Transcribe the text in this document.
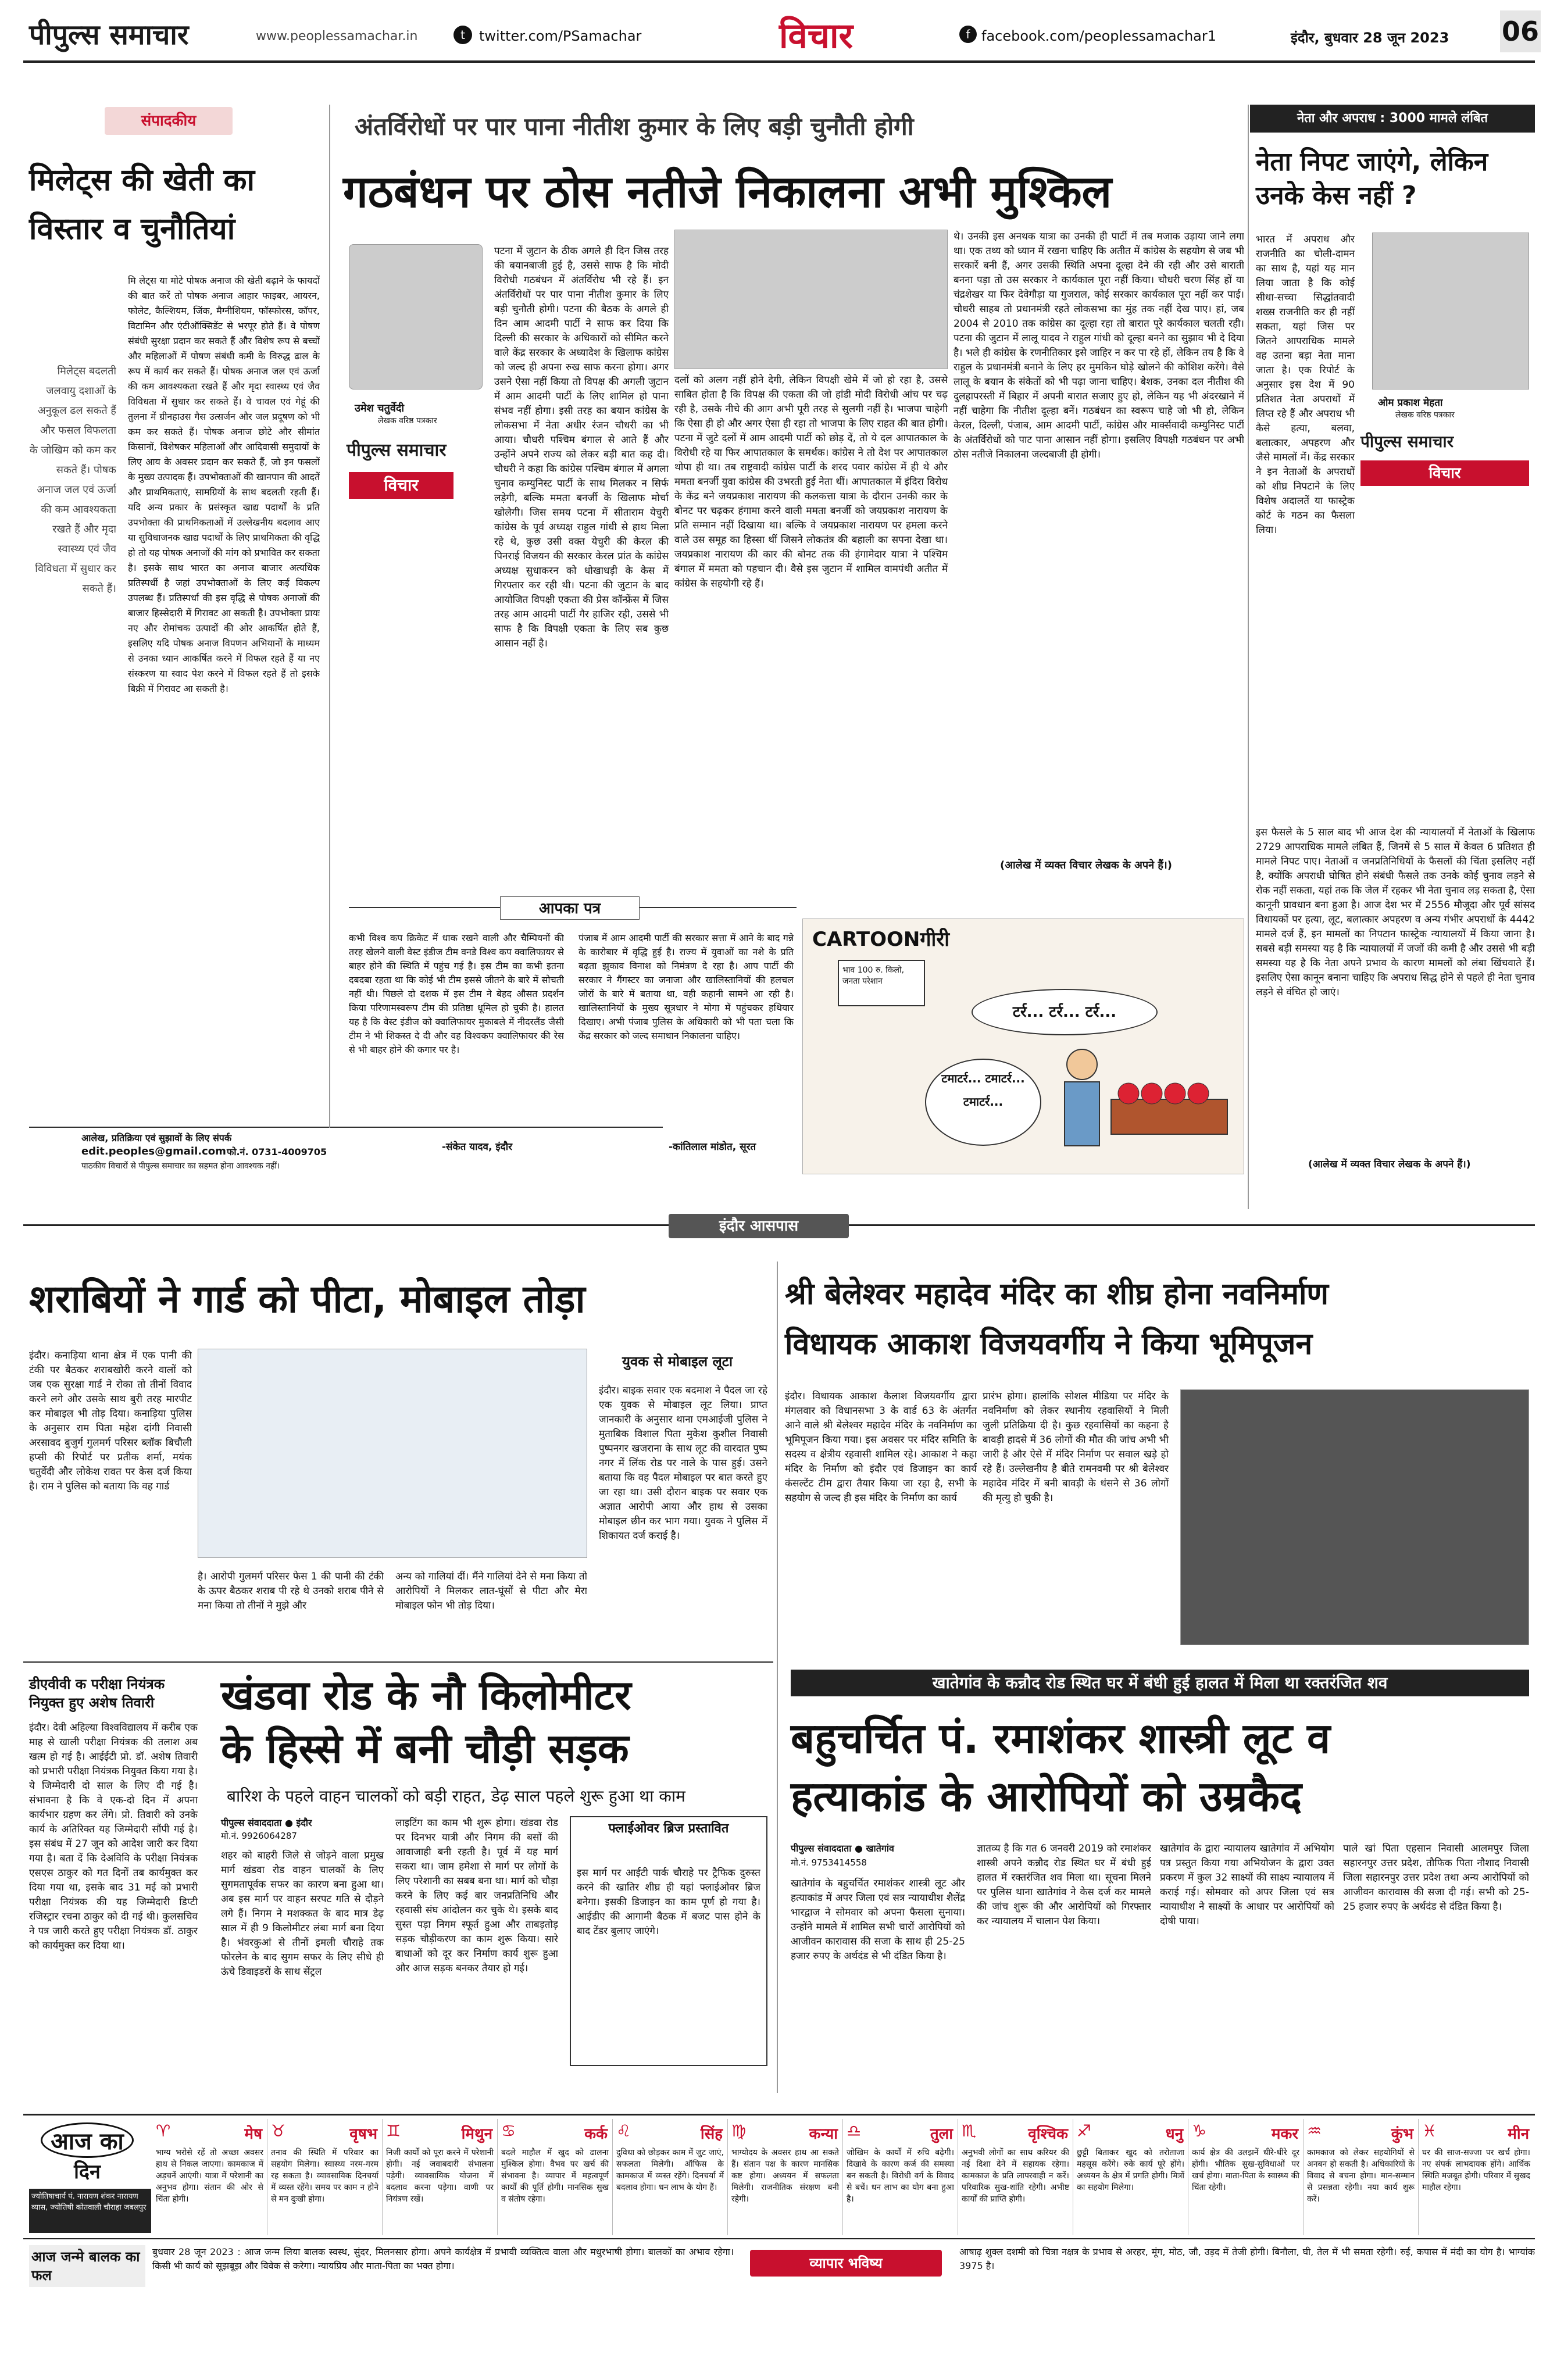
पीपुल्स समाचार	www.peoplessamachar.in	t	twitter.com/PSamachar	विचार	f facebook.com/peoplessamachar1	इंदौर, बुधवार 28 जून 2023 06
संपादकीय
मिलेट्स की खेती का विस्तार व चुनौतियां
मिलेट्स बदलती जलवायु दशाओं के अनुकूल ढल सकते हैं और फसल विफलता के जोखिम को कम कर सकते हैं। पोषक अनाज जल एवं ऊर्जा की कम आवश्यकता रखते हैं और मृदा स्वास्थ्य एवं जैव विविधता में सुधार कर सकते हैं।
मि लेट्स या मोटे पोषक अनाज की खेती बढ़ाने के फायदों की बात करें तो पोषक अनाज आहार फाइबर, आयरन, फोलेट, कैल्शियम, जिंक, मैग्नीशियम, फॉस्फोरस, कॉपर, विटामिन और एंटीऑक्सिडेंट से भरपूर होते हैं। वे पोषण संबंधी सुरक्षा प्रदान कर सकते हैं और विशेष रूप से बच्चों और महिलाओं में पोषण संबंधी कमी के विरुद्ध ढाल के रूप में कार्य कर सकते हैं। पोषक अनाज जल एवं ऊर्जा की कम आवश्यकता रखते हैं और मृदा स्वास्थ्य एवं जैव विविधता में सुधार कर सकते हैं। वे चावल एवं गेहूं की तुलना में ग्रीनहाउस गैस उत्सर्जन और जल प्रदूषण को भी कम कर सकते हैं। पोषक अनाज छोटे और सीमांत किसानों, विशेषकर महिलाओं और आदिवासी समुदायों के लिए आय के अवसर प्रदान कर सकते हैं, जो इन फसलों के मुख्य उत्पादक हैं। उपभोक्ताओं की खानपान की आदतें और प्राथमिकताएं, सामग्रियों के साथ बदलती रहती हैं। यदि अन्य प्रकार के प्रसंस्कृत खाद्य पदार्थों के प्रति उपभोक्ता की प्राथमिकताओं में उल्लेखनीय बदलाव आए या सुविधाजनक खाद्य पदार्थों के लिए प्राथमिकता की वृद्धि हो तो यह पोषक अनाजों की मांग को प्रभावित कर सकता है। इसके साथ भारत का अनाज बाजार अत्यधिक प्रतिस्पर्धी है जहां उपभोक्ताओं के लिए कई विकल्प उपलब्ध हैं। प्रतिस्पर्धा की इस वृद्धि से पोषक अनाजों की बाजार हिस्सेदारी में गिरावट आ सकती है। उपभोक्ता प्रायः नए और रोमांचक उत्पादों की ओर आकर्षित होते हैं, इसलिए यदि पोषक अनाज विपणन अभियानों के माध्यम से उनका ध्यान आकर्षित करने में विफल रहते हैं या नए संस्करण या स्वाद पेश करने में विफल रहते हैं तो इसके बिक्री में गिरावट आ सकती है।
आलेख, प्रतिक्रिया एवं सुझावों के लिए संपर्क
edit.peoples@gmail.com फो.नं. 0731-4009705
पाठकीय विचारों से पीपुल्स समाचार का सहमत होना आवश्यक नहीं।
अंतर्विरोधों पर पार पाना नीतीश कुमार के लिए बड़ी चुनौती होगी
गठबंधन पर ठोस नतीजे निकालना अभी मुश्किल
उमेश चतुर्वेदी
लेखक वरिष्ठ पत्रकार
पीपुल्स समाचार
विचार
पटना में जुटान के ठीक अगले ही दिन जिस तरह की बयानबाजी हुई है, उससे साफ है कि मोदी विरोधी गठबंधन में अंतर्विरोध भी रहे हैं। इन अंतर्विरोधों पर पार पाना नीतीश कुमार के लिए बड़ी चुनौती होगी। पटना की बैठक के अगले ही दिन आम आदमी पार्टी ने साफ कर दिया कि दिल्ली की सरकार के अधिकारों को सीमित करने वाले केंद्र सरकार के अध्यादेश के खिलाफ कांग्रेस को जल्द ही अपना रुख साफ करना होगा। अगर उसने ऐसा नहीं किया तो विपक्ष की अगली जुटान में आम आदमी पार्टी के लिए शामिल हो पाना संभव नहीं होगा। इसी तरह का बयान कांग्रेस के लोकसभा में नेता अधीर रंजन चौधरी का भी आया। चौधरी पश्चिम बंगाल से आते हैं और उन्होंने अपने राज्य को लेकर बड़ी बात कह दी। चौधरी ने कहा कि कांग्रेस पश्चिम बंगाल में अगला चुनाव कम्युनिस्ट पार्टी के साथ मिलकर न सिर्फ लड़ेगी, बल्कि ममता बनर्जी के खिलाफ मोर्चा खोलेगी। जिस समय पटना में सीताराम येचुरी कांग्रेस के पूर्व अध्यक्ष राहुल गांधी से हाथ मिला रहे थे, कुछ उसी वक्त येचुरी की केरल की पिनराई विजयन की सरकार केरल प्रांत के कांग्रेस अध्यक्ष सुधाकरन को धोखाधड़ी के केस में गिरफ्तार कर रही थी। पटना की जुटान के बाद आयोजित विपक्षी एकता की प्रेस कॉन्फ्रेंस में जिस तरह आम आदमी पार्टी गैर हाजिर रही, उससे भी साफ है कि विपक्षी एकता के लिए सब कुछ आसान नहीं है।
दलों को अलग नहीं होने देगी, लेकिन विपक्षी खेमे में जो हो रहा है, उससे साबित होता है कि विपक्ष की एकता की जो हांडी मोदी विरोधी आंच पर चढ़ रही है, उसके नीचे की आग अभी पूरी तरह से सुलगी नहीं है। भाजपा चाहेगी कि ऐसा ही हो और अगर ऐसा ही रहा तो भाजपा के लिए राहत की बात होगी। पटना में जुटे दलों में आम आदमी पार्टी को छोड़ दें, तो ये दल आपातकाल के विरोधी रहे या फिर आपातकाल के समर्थक। कांग्रेस ने तो देश पर आपातकाल थोपा ही था। तब राष्ट्रवादी कांग्रेस पार्टी के शरद पवार कांग्रेस में ही थे और ममता बनर्जी युवा कांग्रेस की उभरती हुई नेता थीं। आपातकाल में इंदिरा विरोध के केंद्र बने जयप्रकाश नारायण की कलकत्ता यात्रा के दौरान उनकी कार के बोनट पर चढ़कर हंगामा करने वाली ममता बनर्जी को जयप्रकाश नारायण के प्रति सम्मान नहीं दिखाया था। बल्कि वे जयप्रकाश नारायण पर हमला करने वाले उस समूह का हिस्सा थीं जिसने लोकतंत्र की बहाली का सपना देखा था। जयप्रकाश नारायण की कार की बोनट तक की हंगामेदार यात्रा ने पश्चिम बंगाल में ममता को पहचान दी। वैसे इस जुटान में शामिल वामपंथी अतीत में कांग्रेस के सहयोगी रहे हैं।
थे। उनकी इस अनथक यात्रा का उनकी ही पार्टी में तब मजाक उड़ाया जाने लगा था। एक तथ्य को ध्यान में रखना चाहिए कि अतीत में कांग्रेस के सहयोग से जब भी सरकारें बनी हैं, अगर उसकी स्थिति अपना दूल्हा देने की रही और उसे बाराती बनना पड़ा तो उस सरकार ने कार्यकाल पूरा नहीं किया। चौधरी चरण सिंह हों या चंद्रशेखर या फिर देवेगौड़ा या गुजराल, कोई सरकार कार्यकाल पूरा नहीं कर पाई। चौधरी साहब तो प्रधानमंत्री रहते लोकसभा का मुंह तक नहीं देख पाए। हां, जब 2004 से 2010 तक कांग्रेस का दूल्हा रहा तो बारात पूरे कार्यकाल चलती रही। पटना की जुटान में लालू यादव ने राहुल गांधी को दूल्हा बनने का सुझाव भी दे दिया है। भले ही कांग्रेस के रणनीतिकार इसे जाहिर न कर पा रहे हों, लेकिन तय है कि वे राहुल के प्रधानमंत्री बनाने के लिए हर मुमकिन घोड़े खोलने की कोशिश करेंगे। वैसे लालू के बयान के संकेतों को भी पढ़ा जाना चाहिए। बेशक, उनका दल नीतीश की दुलहापरस्ती में बिहार में अपनी बारात सजाए हुए हो, लेकिन यह भी अंदरखाने में नहीं चाहेगा कि नीतीश दूल्हा बनें। गठबंधन का स्वरूप चाहे जो भी हो, लेकिन केरल, दिल्ली, पंजाब, आम आदमी पार्टी, कांग्रेस और मार्क्सवादी कम्युनिस्ट पार्टी के अंतर्विरोधों को पाट पाना आसान नहीं होगा। इसलिए विपक्षी गठबंधन पर अभी ठोस नतीजे निकालना जल्दबाजी ही होगी।
(आलेख में व्यक्त विचार लेखक के अपने हैं।)
आपका पत्र
कभी विश्व कप क्रिकेट में धाक रखने वाली और चैम्पियनों की तरह खेलने वाली वेस्ट इंडीज टीम वनडे विश्व कप क्वालिफायर से बाहर होने की स्थिति में पहुंच गई है। इस टीम का कभी इतना दबदबा रहता था कि कोई भी टीम इससे जीतने के बारे में सोचती नहीं थी। पिछले दो दशक में इस टीम ने बेहद औसत प्रदर्शन किया परिणामस्वरूप टीम की प्रतिष्ठा धूमिल हो चुकी है। हालत यह है कि वेस्ट इंडीज को क्वालिफायर मुकाबले में नीदरलैंड जैसी टीम ने भी शिकस्त दे दी और वह विश्वकप क्वालिफायर की रेस से भी बाहर होने की कगार पर है।
-संकेत यादव, इंदौर
पंजाब में आम आदमी पार्टी की सरकार सत्ता में आने के बाद गन्ने के कारोबार में वृद्धि हुई है। राज्य में युवाओं का नशे के प्रति बढ़ता झुकाव विनाश को निमंत्रण दे रहा है। आप पार्टी की सरकार ने गैंगस्टर का जनाजा और खालिस्तानियों की हलचल जोरों के बारे में बताया था, वही कहानी सामने आ रही है। खालिस्तानियों के मुख्य सूत्रधार ने मोगा में पहुंचकर हथियार दिखाए। अभी पंजाब पुलिस के अधिकारी को भी पता चला कि केंद्र सरकार को जल्द समाधान निकालना चाहिए।
-कांतिलाल मांडोत, सूरत
CARTOONगीरी
भाव 100 रु. किलो, जनता परेशान
टर्र... टर्र... टर्र...
टमाटर्र... टमाटर्र... टमाटर्र...
नेता और अपराध : 3000 मामले लंबित
नेता निपट जाएंगे, लेकिन उनके केस नहीं ?
भारत में अपराध और राजनीति का चोली-दामन का साथ है, यहां यह मान लिया जाता है कि कोई सीधा-सच्चा सिद्धांतवादी शख्स राजनीति कर ही नहीं सकता, यहां जिस पर जितने आपराधिक मामले वह उतना बड़ा नेता माना जाता है। एक रिपोर्ट के अनुसार इस देश में 90 प्रतिशत नेता अपराधों में लिप्त रहे हैं और अपराध भी कैसे हत्या, बलवा, बलात्कार, अपहरण और जैसे मामलों में। केंद्र सरकार ने इन नेताओं के अपराधों को शीघ्र निपटाने के लिए विशेष अदालतें या फास्ट्रेक कोर्ट के गठन का फैसला लिया।
ओम प्रकाश मेहता
लेखक वरिष्ठ पत्रकार
पीपुल्स समाचार
विचार
इस फैसले के 5 साल बाद भी आज देश की न्यायालयों में नेताओं के खिलाफ 2729 आपराधिक मामले लंबित हैं, जिनमें से 5 साल में केवल 6 प्रतिशत ही मामले निपट पाए। नेताओं व जनप्रतिनिधियों के फैसलों की चिंता इसलिए नहीं है, क्योंकि अपराधी घोषित होने संबंधी फैसले तक उनके कोई चुनाव लड़ने से रोक नहीं सकता, यहां तक कि जेल में रहकर भी नेता चुनाव लड़ सकता है, ऐसा कानूनी प्रावधान बना हुआ है। आज देश भर में 2556 मौजूदा और पूर्व सांसद विधायकों पर हत्या, लूट, बलात्कार अपहरण व अन्य गंभीर अपराधों के 4442 मामले दर्ज हैं, इन मामलों का निपटान फास्ट्रेक न्यायालयों में किया जाना है। सबसे बड़ी समस्या यह है कि न्यायालयों में जजों की कमी है और उससे भी बड़ी समस्या यह है कि नेता अपने प्रभाव के कारण मामलों को लंबा खिंचवाते हैं। इसलिए ऐसा कानून बनाना चाहिए कि अपराध सिद्ध होने से पहले ही नेता चुनाव लड़ने से वंचित हो जाएं।
(आलेख में व्यक्त विचार लेखक के अपने हैं।)
इंदौर आसपास
शराबियों ने गार्ड को पीटा, मोबाइल तोड़ा
इंदौर। कनाड़िया थाना क्षेत्र में एक पानी की टंकी पर बैठकर शराबखोरी करने वालों को जब एक सुरक्षा गार्ड ने रोका तो तीनों विवाद करने लगे और उसके साथ बुरी तरह मारपीट कर मोबाइल भी तोड़ दिया। कनाड़िया पुलिस के अनुसार राम पिता महेश दांगी निवासी अरसावद बुजुर्ग गुलमर्ग परिसर ब्लॉक बिचौली हप्सी की रिपोर्ट पर प्रतीक शर्मा, मयंक चतुर्वेदी और लोकेश रावत पर केस दर्ज किया है। राम ने पुलिस को बताया कि वह गार्ड
है। आरोपी गुलमर्ग परिसर फेस 1 की पानी की टंकी के ऊपर बैठकर शराब पी रहे थे उनको शराब पीने से मना किया तो तीनों ने मुझे और
अन्य को गालियां दीं। मैंने गालियां देने से मना किया तो आरोपियों ने मिलकर लात-घूंसों से पीटा और मेरा मोबाइल फोन भी तोड़ दिया।
युवक से मोबाइल लूटा
इंदौर। बाइक सवार एक बदमाश ने पैदल जा रहे एक युवक से मोबाइल लूट लिया। प्राप्त जानकारी के अनुसार थाना एमआईजी पुलिस ने मुताबिक विशाल पिता मुकेश कुशील निवासी पुष्पनगर खजराना के साथ लूट की वारदात पुष्प नगर में लिंक रोड पर नाले के पास हुई। उसने बताया कि वह पैदल मोबाइल पर बात करते हुए जा रहा था। उसी दौरान बाइक पर सवार एक अज्ञात आरोपी आया और हाथ से उसका मोबाइल छीन कर भाग गया। युवक ने पुलिस में शिकायत दर्ज कराई है।
डीएवीवी क परीक्षा नियंत्रक
नियुक्त हुए अशेष तिवारी
इंदौर। देवी अहिल्या विश्वविद्यालय में करीब एक माह से खाली परीक्षा नियंत्रक की तलाश अब खत्म हो गई है। आईईटी प्रो. डॉ. अशेष तिवारी को प्रभारी परीक्षा नियंत्रक नियुक्त किया गया है। ये जिम्मेदारी दो साल के लिए दी गई है। संभावना है कि वे एक-दो दिन में अपना कार्यभार ग्रहण कर लेंगे। प्रो. तिवारी को उनके कार्य के अतिरिक्त यह जिम्मेदारी सौंपी गई है। इस संबंध में 27 जून को आदेश जारी कर दिया गया है। बता दें कि देअविवि के परीक्षा नियंत्रक एसएस ठाकुर को गत दिनों तब कार्यमुक्त कर दिया गया था, इसके बाद 31 मई को प्रभारी परीक्षा नियंत्रक की यह जिम्मेदारी डिप्टी रजिस्ट्रार रचना ठाकुर को दी गई थी। कुलसचिव ने पत्र जारी करते हुए परीक्षा नियंत्रक डॉ. ठाकुर को कार्यमुक्त कर दिया था।
खंडवा रोड के नौ किलोमीटर
के हिस्से में बनी चौड़ी सड़क
बारिश के पहले वाहन चालकों को बड़ी राहत, डेढ़ साल पहले शुरू हुआ था काम
पीपुल्स संवाददाता ● इंदौर
मो.नं. 9926064287
शहर को बाहरी जिले से जोड़ने वाला प्रमुख मार्ग खंडवा रोड वाहन चालकों के लिए सुगमतापूर्वक सफर का कारण बना हुआ था। अब इस मार्ग पर वाहन सरपट गति से दौड़ने लगे हैं। निगम ने मशक्कत के बाद मात्र डेढ़ साल में ही 9 किलोमीटर लंबा मार्ग बना दिया है। भंवरकुआं से तीनों इमली चौराहे तक फोरलेन के बाद सुगम सफर के लिए सीधे ही ऊंचे डिवाइडरों के साथ सेंट्रल
लाइटिंग का काम भी शुरू होगा। खंडवा रोड पर दिनभर यात्री और निगम की बसों की आवाजाही बनी रहती है। पूर्व में यह मार्ग सकरा था। जाम हमेशा से मार्ग पर लोगों के लिए परेशानी का सबब बना था। मार्ग को चौड़ा करने के लिए कई बार जनप्रतिनिधि और रहवासी संघ आंदोलन कर चुके थे। इसके बाद सुस्त पड़ा निगम स्फूर्त हुआ और ताबड़तोड़ सड़क चौड़ीकरण का काम शुरू किया। सारे बाधाओं को दूर कर निर्माण कार्य शुरू हुआ और आज सड़क बनकर तैयार हो गई।
फ्लाईओवर ब्रिज प्रस्तावित
इस मार्ग पर आईटी पार्क चौराहे पर ट्रैफिक दुरुस्त करने की खातिर शीघ्र ही यहां फ्लाईओवर ब्रिज बनेगा। इसकी डिजाइन का काम पूर्ण हो गया है। आईडीए की आगामी बैठक में बजट पास होने के बाद टेंडर बुलाए जाएंगे।
श्री बेलेश्वर महादेव मंदिर का शीघ्र होना नवनिर्माण
विधायक आकाश विजयवर्गीय ने किया भूमिपूजन
इंदौर। विधायक आकाश कैलाश विजयवर्गीय द्वारा मंगलवार को विधानसभा 3 के वार्ड 63 के अंतर्गत आने वाले श्री बेलेश्वर महादेव मंदिर के नवनिर्माण का भूमिपूजन किया गया। इस अवसर पर मंदिर समिति के सदस्य व क्षेत्रीय रहवासी शामिल रहे। आकाश ने कहा मंदिर के निर्माण को इंदौर एवं डिजाइन का कार्य कंसल्टेंट टीम द्वारा तैयार किया जा रहा है, सभी के सहयोग से जल्द ही इस मंदिर के निर्माण का कार्य
प्रारंभ होगा। हालांकि सोशल मीडिया पर मंदिर के नवनिर्माण को लेकर स्थानीय रहवासियों ने मिली जुली प्रतिक्रिया दी है। कुछ रहवासियों का कहना है बावड़ी हादसे में 36 लोगों की मौत की जांच अभी भी जारी है और ऐसे में मंदिर निर्माण पर सवाल खड़े हो रहे हैं। उल्लेखनीय है बीते रामनवमी पर श्री बेलेश्वर महादेव मंदिर में बनी बावड़ी के धंसने से 36 लोगों की मृत्यु हो चुकी है।
खातेगांव के कन्नौद रोड स्थित घर में बंधी हुई हालत में मिला था रक्तरंजित शव
बहुचर्चित पं. रमाशंकर शास्त्री लूट व
हत्याकांड के आरोपियों को उम्रकैद
पीपुल्स संवाददाता ● खातेगांव
मो.नं. 9753414558
खातेगांव के बहुचर्चित रमाशंकर शास्त्री लूट और हत्याकांड में अपर जिला एवं सत्र न्यायाधीश शैलेंद्र भारद्वाज ने सोमवार को अपना फैसला सुनाया। उन्होंने मामले में शामिल सभी चारों आरोपियों को आजीवन कारावास की सजा के साथ ही 25-25 हजार रुपए के अर्थदंड से भी दंडित किया है।
ज्ञातव्य है कि गत 6 जनवरी 2019 को रमाशंकर शास्त्री अपने कन्नौद रोड स्थित घर में बंधी हुई हालत में रक्तरंजित शव मिला था। सूचना मिलने पर पुलिस थाना खातेगांव ने केस दर्ज कर मामले की जांच शुरू की और आरोपियों को गिरफ्तार कर न्यायालय में चालान पेश किया।
खातेगांव के द्वारा न्यायालय खातेगांव में अभियोग पत्र प्रस्तुत किया गया अभियोजन के द्वारा उक्त प्रकरण में कुल 32 साक्ष्यों की साक्ष्य न्यायालय में कराई गई। सोमवार को अपर जिला एवं सत्र न्यायाधीश ने साक्ष्यों के आधार पर आरोपियों को दोषी पाया।
पाले खां पिता एहसान निवासी आलमपुर जिला सहारनपुर उत्तर प्रदेश, तौफिक पिता नौशाद निवासी जिला सहारनपुर उत्तर प्रदेश तथा अन्य आरोपियों को आजीवन कारावास की सजा दी गई। सभी को 25-25 हजार रुपए के अर्थदंड से दंडित किया है।
आज का
दिन
ज्योतिषाचार्य पं. नारायण शंकर नारायण व्यास, ज्योतिषी कोतवाली चौराहा जबलपुर
♈	मेष
भाग्य भरोसे रहें तो अच्छा अवसर हाथ से निकल जाएगा। कामकाज में अड़चनें आएंगी। यात्रा में परेशानी का अनुभव होगा। संतान की ओर से चिंता होगी।
♉	वृषभ
तनाव की स्थिति में परिवार का सहयोग मिलेगा। स्वास्थ्य नरम-गरम रह सकता है। व्यावसायिक दिनचर्या में व्यस्त रहेंगे। समय पर काम न होने से मन दुःखी होगा।
♊	मिथुन
निजी कार्यों को पूरा करने में परेशानी होगी। नई जवाबदारी संभालना पड़ेगी। व्यावसायिक योजना में बदलाव करना पड़ेगा। वाणी पर नियंत्रण रखें।
♋	कर्क
बदले माहौल में खुद को ढालना मुश्किल होगा। वैभव पर खर्च की संभावना है। व्यापार में महत्वपूर्ण कार्यों की पूर्ति होगी। मानसिक सुख व संतोष रहेगा।
♌	सिंह
दुविधा को छोड़कर काम में जुट जाएं, सफलता मिलेगी। ऑफिस के कामकाज में व्यस्त रहेंगे। दिनचर्या में बदलाव होगा। धन लाभ के योग हैं।
♍	कन्या
भाग्योदय के अवसर हाथ आ सकते हैं। संतान पक्ष के कारण मानसिक कष्ट होगा। अध्ययन में सफलता मिलेगी। राजनीतिक संरक्षण बनी रहेगी।
♎	तुला
जोखिम के कार्यों में रुचि बढ़ेगी। दिखावे के कारण कर्ज की समस्या बन सकती है। विरोधी वर्ग के विवाद से बचें। धन लाभ का योग बना हुआ है।
♏	वृश्चिक
अनुभवी लोगों का साथ करियर की नई दिशा देने में सहायक रहेगा। कामकाज के प्रति लापरवाही न करें। परिवारिक सुख-शांति रहेगी। अभीष्ट कार्यों की प्राप्ति होगी।
♐	धनु
छुट्टी बिताकर खुद को तरोताजा महसूस करेंगे। रुके कार्य पूरे होंगे। अध्ययन के क्षेत्र में प्रगति होगी। मित्रों का सहयोग मिलेगा।
♑	मकर
कार्य क्षेत्र की उलझनें धीरे-धीरे दूर होंगी। भौतिक सुख-सुविधाओं पर खर्च होगा। माता-पिता के स्वास्थ्य की चिंता रहेगी।
♒	कुंभ
कामकाज को लेकर सहयोगियों से अनबन हो सकती है। अधिकारियों के विवाद से बचना होगा। मान-सम्मान से प्रसन्नता रहेगी। नया कार्य शुरू करें।
♓	मीन
घर की साज-सज्जा पर खर्च होगा। नए संपर्क लाभदायक होंगे। आर्थिक स्थिति मजबूत होगी। परिवार में सुखद माहौल रहेगा।
आज जन्मे बालक का फल
बुधवार 28 जून 2023 : आज जन्म लिया बालक स्वस्थ, सुंदर, मिलनसार होगा। अपने कार्यक्षेत्र में प्रभावी व्यक्तित्व वाला और मधुरभाषी होगा। बालकों का अभाव रहेगा। किसी भी कार्य को सूझबूझ और विवेक से करेगा। न्यायप्रिय और माता-पिता का भक्त होगा।	व्यापार भविष्य
आषाढ़ शुक्ल दशमी को चित्रा नक्षत्र के प्रभाव से अरहर, मूंग, मोठ, जौ, उड़द में तेजी होगी। बिनौला, घी, तेल में भी समता रहेगी। रुई, कपास में मंदी का योग है। भाग्यांक 3975 है।
